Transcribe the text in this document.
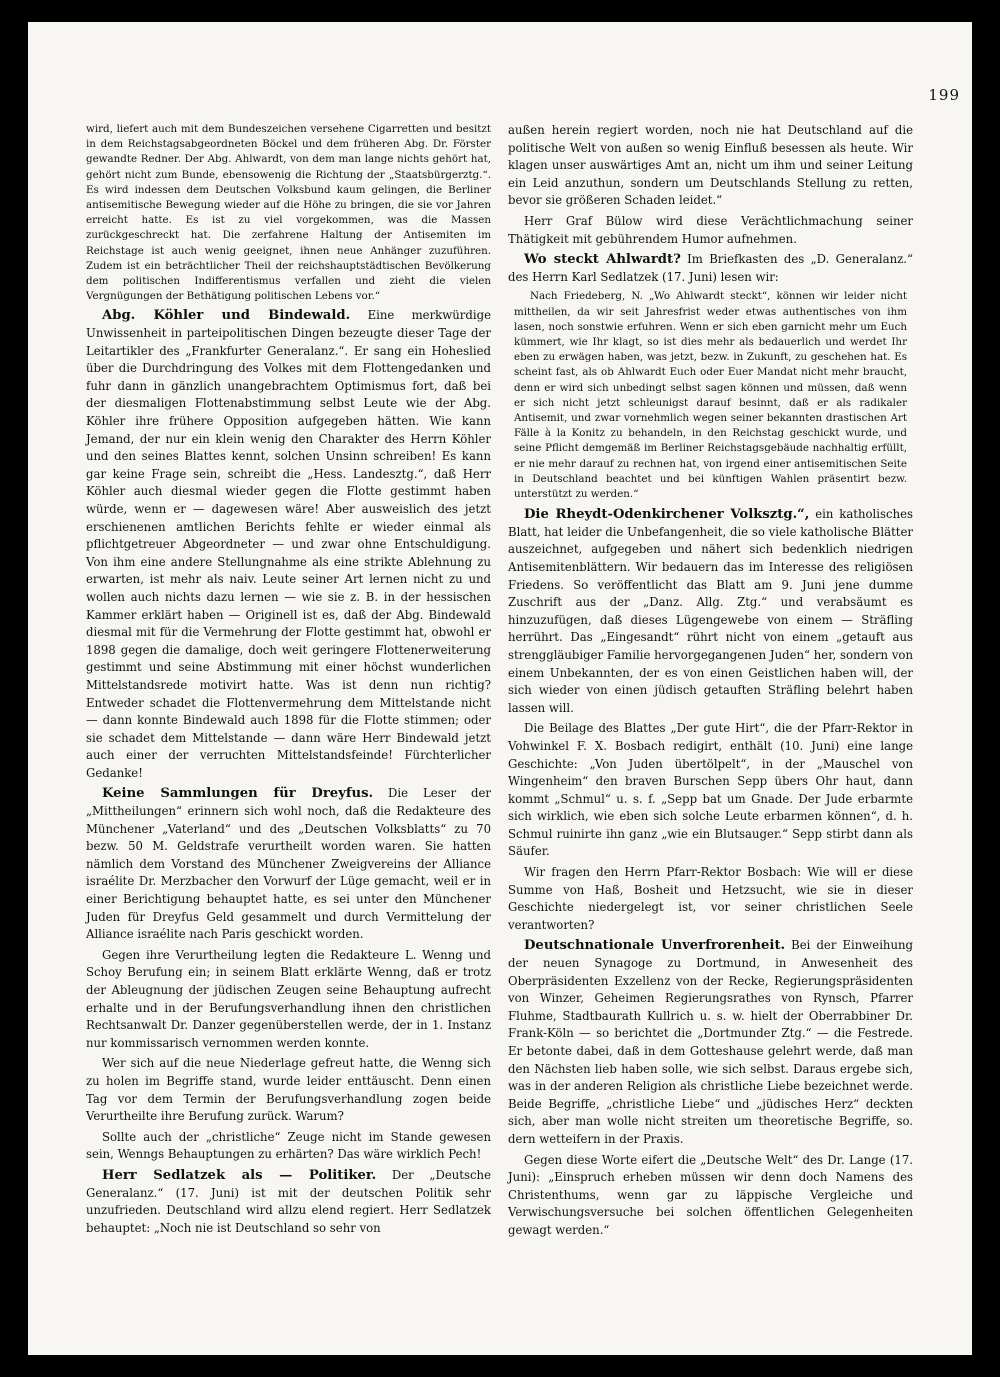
199

wird, liefert auch mit dem Bundeszeichen versehene Cigarretten und besitzt in dem Reichstagsabgeordneten Böckel und dem früheren Abg. Dr. Förster gewandte Redner. Der Abg. Ahlwardt, von dem man lange nichts gehört hat, gehört nicht zum Bunde, ebensowenig die Richtung der „Staatsbürgerztg.“. Es wird indessen dem Deutschen Volksbund kaum gelingen, die Berliner antisemitische Bewegung wieder auf die Höhe zu bringen, die sie vor Jahren erreicht hatte. Es ist zu viel vorgekommen, was die Massen zurückgeschreckt hat. Die zerfahrene Haltung der Antisemiten im Reichstage ist auch wenig geeignet, ihnen neue Anhänger zuzuführen. Zudem ist ein beträchtlicher Theil der reichshauptstädtischen Bevölkerung dem politischen Indifferentismus verfallen und zieht die vielen Vergnügungen der Bethätigung politischen Lebens vor.“

Abg. Köhler und Bindewald. Eine merkwürdige Unwissenheit in parteipolitischen Dingen bezeugte dieser Tage der Leitartikler des „Frankfurter Generalanz.“. Er sang ein Hoheslied über die Durchdringung des Volkes mit dem Flottengedanken und fuhr dann in gänzlich unangebrachtem Optimismus fort, daß bei der diesmaligen Flottenabstimmung selbst Leute wie der Abg. Köhler ihre frühere Opposition aufgegeben hätten. Wie kann Jemand, der nur ein klein wenig den Charakter des Herrn Köhler und den seines Blattes kennt, solchen Unsinn schreiben! Es kann gar keine Frage sein, schreibt die „Hess. Landesztg.“, daß Herr Köhler auch diesmal wieder gegen die Flotte gestimmt haben würde, wenn er — dagewesen wäre! Aber ausweislich des jetzt erschienenen amtlichen Berichts fehlte er wieder einmal als pflichtgetreuer Abgeordneter — und zwar ohne Entschuldigung. Von ihm eine andere Stellungnahme als eine strikte Ablehnung zu erwarten, ist mehr als naiv. Leute seiner Art lernen nicht zu und wollen auch nichts dazu lernen — wie sie z. B. in der hessischen Kammer erklärt haben — Originell ist es, daß der Abg. Bindewald diesmal mit für die Vermehrung der Flotte gestimmt hat, obwohl er 1898 gegen die damalige, doch weit geringere Flottenerweiterung gestimmt und seine Abstimmung mit einer höchst wunderlichen Mittelstandsrede motivirt hatte. Was ist denn nun richtig? Entweder schadet die Flottenvermehrung dem Mittelstande nicht — dann konnte Bindewald auch 1898 für die Flotte stimmen; oder sie schadet dem Mittelstande — dann wäre Herr Bindewald jetzt auch einer der verruchten Mittelstandsfeinde! Fürchterlicher Gedanke!

Keine Sammlungen für Dreyfus. Die Leser der „Mittheilungen“ erinnern sich wohl noch, daß die Redakteure des Münchener „Vaterland“ und des „Deutschen Volksblatts“ zu 70 bezw. 50 M. Geldstrafe verurtheilt worden waren. Sie hatten nämlich dem Vorstand des Münchener Zweigvereins der Alliance israélite Dr. Merzbacher den Vorwurf der Lüge gemacht, weil er in einer Berichtigung behauptet hatte, es sei unter den Münchener Juden für Dreyfus Geld gesammelt und durch Vermittelung der Alliance israélite nach Paris geschickt worden.

Gegen ihre Verurtheilung legten die Redakteure L. Wenng und Schoy Berufung ein; in seinem Blatt erklärte Wenng, daß er trotz der Ableugnung der jüdischen Zeugen seine Behauptung aufrecht erhalte und in der Berufungsverhandlung ihnen den christlichen Rechtsanwalt Dr. Danzer gegenüberstellen werde, der in 1. Instanz nur kommissarisch vernommen werden konnte.

Wer sich auf die neue Niederlage gefreut hatte, die Wenng sich zu holen im Begriffe stand, wurde leider enttäuscht. Denn einen Tag vor dem Termin der Berufungsverhandlung zogen beide Verurtheilte ihre Berufung zurück. Warum?

Sollte auch der „christliche“ Zeuge nicht im Stande gewesen sein, Wenngs Behauptungen zu erhärten? Das wäre wirklich Pech!

Herr Sedlatzek als — Politiker. Der „Deutsche Generalanz.“ (17. Juni) ist mit der deutschen Politik sehr unzufrieden. Deutschland wird allzu elend regiert. Herr Sedlatzek behauptet: „Noch nie ist Deutschland so sehr von

außen herein regiert worden, noch nie hat Deutschland auf die politische Welt von außen so wenig Einfluß besessen als heute. Wir klagen unser auswärtiges Amt an, nicht um ihm und seiner Leitung ein Leid anzuthun, sondern um Deutschlands Stellung zu retten, bevor sie größeren Schaden leidet.“

Herr Graf Bülow wird diese Verächtlichmachung seiner Thätigkeit mit gebührendem Humor aufnehmen.

Wo steckt Ahlwardt? Im Briefkasten des „D. Generalanz.“ des Herrn Karl Sedlatzek (17. Juni) lesen wir:

Nach Friedeberg, N. „Wo Ahlwardt steckt“, können wir leider nicht mittheilen, da wir seit Jahresfrist weder etwas authentisches von ihm lasen, noch sonstwie erfuhren. Wenn er sich eben garnicht mehr um Euch kümmert, wie Ihr klagt, so ist dies mehr als bedauerlich und werdet Ihr eben zu erwägen haben, was jetzt, bezw. in Zukunft, zu geschehen hat. Es scheint fast, als ob Ahlwardt Euch oder Euer Mandat nicht mehr braucht, denn er wird sich unbedingt selbst sagen können und müssen, daß wenn er sich nicht jetzt schleunigst darauf besinnt, daß er als radikaler Antisemit, und zwar vornehmlich wegen seiner bekannten drastischen Art Fälle à la Konitz zu behandeln, in den Reichstag geschickt wurde, und seine Pflicht demgemäß im Berliner Reichstagsgebäude nachhaltig erfüllt, er nie mehr darauf zu rechnen hat, von irgend einer antisemitischen Seite in Deutschland beachtet und bei künftigen Wahlen präsentirt bezw. unterstützt zu werden.“

Die Rheydt-Odenkirchener Volksztg.“, ein katholisches Blatt, hat leider die Unbefangenheit, die so viele katholische Blätter auszeichnet, aufgegeben und nähert sich bedenklich niedrigen Antisemitenblättern. Wir bedauern das im Interesse des religiösen Friedens. So veröffentlicht das Blatt am 9. Juni jene dumme Zuschrift aus der „Danz. Allg. Ztg.“ und verabsäumt es hinzuzufügen, daß dieses Lügengewebe von einem — Sträfling herrührt. Das „Eingesandt“ rührt nicht von einem „getauft aus strenggläubiger Familie hervorgegangenen Juden“ her, sondern von einem Unbekannten, der es von einen Geistlichen haben will, der sich wieder von einen jüdisch getauften Sträfling belehrt haben lassen will.

Die Beilage des Blattes „Der gute Hirt“, die der Pfarr-Rektor in Vohwinkel F. X. Bosbach redigirt, enthält (10. Juni) eine lange Geschichte: „Von Juden übertölpelt“, in der „Mauschel von Wingenheim“ den braven Burschen Sepp übers Ohr haut, dann kommt „Schmul“ u. s. f. „Sepp bat um Gnade. Der Jude erbarmte sich wirklich, wie eben sich solche Leute erbarmen können“, d. h. Schmul ruinirte ihn ganz „wie ein Blutsauger.“ Sepp stirbt dann als Säufer.

Wir fragen den Herrn Pfarr-Rektor Bosbach: Wie will er diese Summe von Haß, Bosheit und Hetzsucht, wie sie in dieser Geschichte niedergelegt ist, vor seiner christlichen Seele verantworten?

Deutschnationale Unverfrorenheit. Bei der Einweihung der neuen Synagoge zu Dortmund, in Anwesenheit des Oberpräsidenten Exzellenz von der Recke, Regierungspräsidenten von Winzer, Geheimen Regierungsrathes von Rynsch, Pfarrer Fluhme, Stadtbaurath Kullrich u. s. w. hielt der Oberrabbiner Dr. Frank-Köln — so berichtet die „Dortmunder Ztg.“ — die Festrede. Er betonte dabei, daß in dem Gotteshause gelehrt werde, daß man den Nächsten lieb haben solle, wie sich selbst. Daraus ergebe sich, was in der anderen Religion als christliche Liebe bezeichnet werde. Beide Begriffe, „christliche Liebe“ und „jüdisches Herz“ deckten sich, aber man wolle nicht streiten um theoretische Begriffe, so. dern wetteifern in der Praxis.

Gegen diese Worte eifert die „Deutsche Welt“ des Dr. Lange (17. Juni): „Einspruch erheben müssen wir denn doch Namens des Christenthums, wenn gar zu läppische Vergleiche und Verwischungsversuche bei solchen öffentlichen Gelegenheiten gewagt werden.“
